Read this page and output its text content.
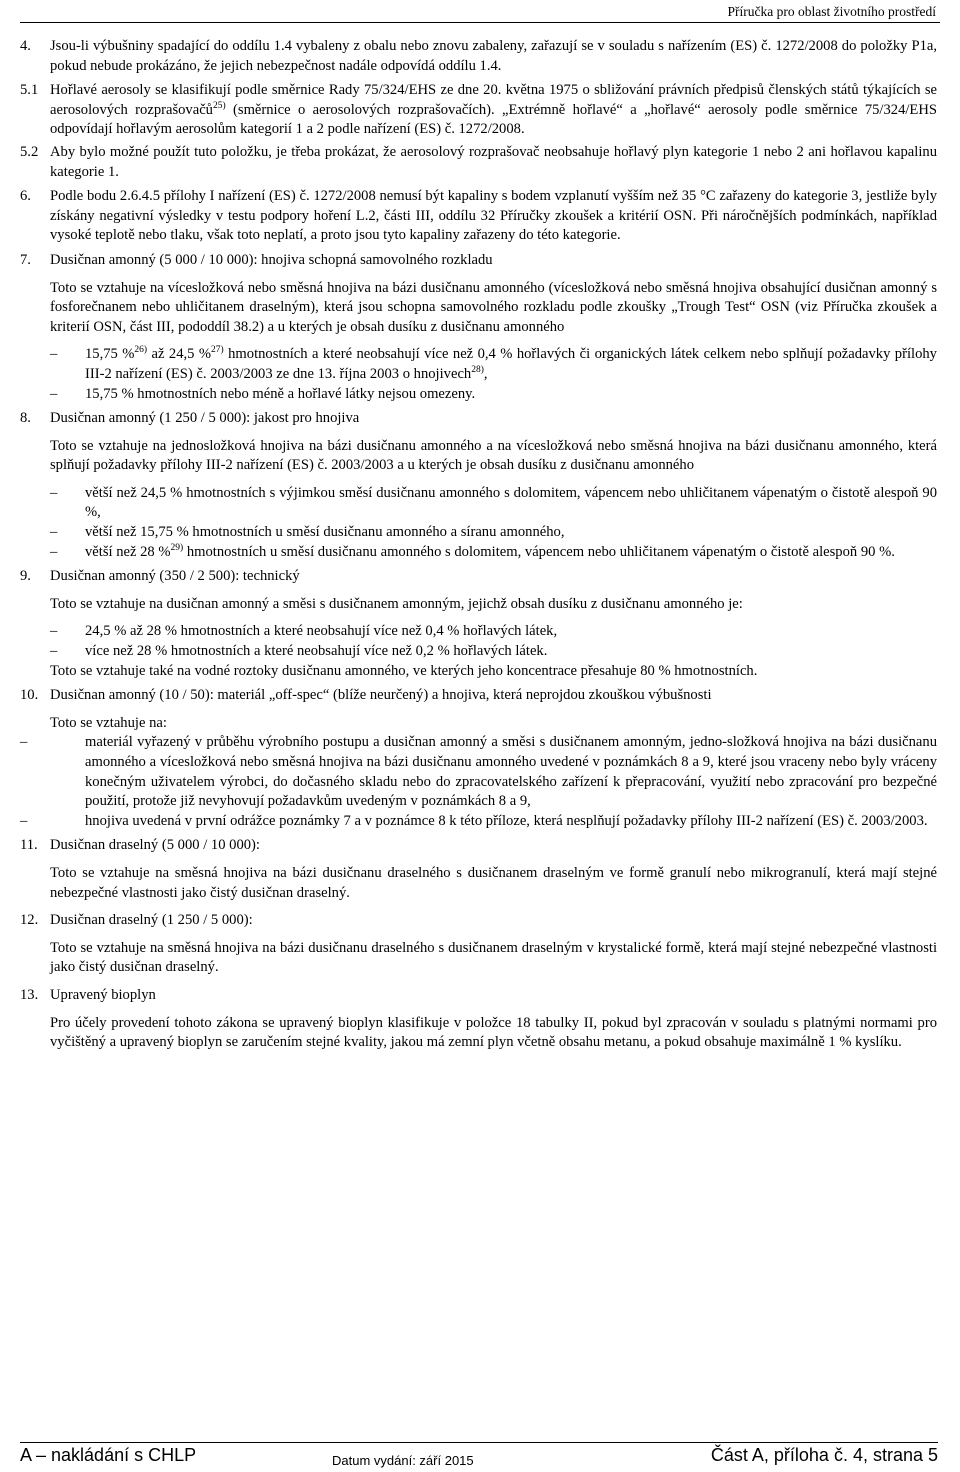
Příručka pro oblast životního prostředí
4.	Jsou-li výbušniny spadající do oddílu 1.4 vybaleny z obalu nebo znovu zabaleny, zařazují se v souladu s nařízením (ES) č. 1272/2008 do položky P1a, pokud nebude prokázáno, že jejich nebezpečnost nadále odpovídá oddílu 1.4.
5.1 Hořlavé aerosoly se klasifikují podle směrnice Rady 75/324/EHS ze dne 20. května 1975 o sbližování právních předpisů členských států týkajících se aerosolových rozprašovačů$^{25)}$ (směrnice o aerosolových rozprašovačích). „Extrémně hořlavé“ a „hořlavé“ aerosoly podle směrnice 75/324/EHS odpovídají hořlavým aerosolům kategorií 1 a 2 podle nařízení (ES) č. 1272/2008.
5.2 Aby bylo možné použít tuto položku, je třeba prokázat, že aerosolový rozprašovač neobsahuje hořlavý plyn kategorie 1 nebo 2 ani hořlavou kapalinu kategorie 1.
6.	Podle bodu 2.6.4.5 přílohy I nařízení (ES) č. 1272/2008 nemusí být kapaliny s bodem vzplanutí vyšším než 35 °C zařazeny do kategorie 3, jestliže byly získány negativní výsledky v testu podpory hoření L.2, části III, oddílu 32 Příručky zkoušek a kritérií OSN. Při náročnějších podmínkách, například vysoké teplotě nebo tlaku, však toto neplatí, a proto jsou tyto kapaliny zařazeny do této kategorie.
7.	Dusičnan amonný (5 000 / 10 000): hnojiva schopná samovolného rozkladu
Toto se vztahuje na vícesložková nebo směsná hnojiva na bázi dusičnanu amonného (vícesložková nebo směsná hnojiva obsahující dusičnan amonný s fosforečnanem nebo uhličitanem draselným), která jsou schopna samovolného rozkladu podle zkoušky „Trough Test“ OSN (viz Příručka zkoušek a kriterií OSN, část III, pododdíl 38.2) a u kterých je obsah dusíku z dusičnanu amonného
–	15,75 %$^{26)}$ až 24,5 %$^{27)}$ hmotnostních a které neobsahují více než 0,4 % hořlavých či organických látek celkem nebo splňují požadavky přílohy III-2 nařízení (ES) č. 2003/2003 ze dne 13. října 2003 o hnojivech$^{28)}$,
–	15,75 % hmotnostních nebo méně a hořlavé látky nejsou omezeny.
8.	Dusičnan amonný (1 250 / 5 000): jakost pro hnojiva
Toto se vztahuje na jednosložková hnojiva na bázi dusičnanu amonného a na vícesložková nebo směsná hnojiva na bázi dusičnanu amonného, která splňují požadavky přílohy III-2 nařízení (ES) č. 2003/2003 a u kterých je obsah dusíku z dusičnanu amonného
–	větší než 24,5 % hmotnostních s výjimkou směsí dusičnanu amonného s dolomitem, vápencem nebo uhličitanem vápenatým o čistotě alespoň 90 %,
–	větší než 15,75 % hmotnostních u směsí dusičnanu amonného a síranu amonného,
–	větší než 28 %$^{29)}$ hmotnostních u směsí dusičnanu amonného s dolomitem, vápencem nebo uhličitanem vápenatým o čistotě alespoň 90 %.
9.	Dusičnan amonný (350 / 2 500): technický
Toto se vztahuje na dusičnan amonný a směsi s dusičnanem amonným, jejichž obsah dusíku z dusičnanu amonného je:
–	24,5 % až 28 % hmotnostních a které neobsahují více než 0,4 % hořlavých látek,
–	více než 28 % hmotnostních a které neobsahují více než 0,2 % hořlavých látek.
Toto se vztahuje také na vodné roztoky dusičnanu amonného, ve kterých jeho koncentrace přesahuje 80 % hmotnostních.
10. Dusičnan amonný (10 / 50): materiál „off-spec“ (blíže neurčený) a hnojiva, která neprojdou zkouškou výbušnosti
Toto se vztahuje na:
–	materiál vyřazený v průběhu výrobního postupu a dusičnan amonný a směsi s dusičnanem amonným, jedno-složková hnojiva na bázi dusičnanu amonného a vícesložková nebo směsná hnojiva na bázi dusičnanu amonného uvedené v poznámkách 8 a 9, které jsou vraceny nebo byly vráceny konečným uživatelem výrobci, do dočasného skladu nebo do zpracovatelského zařízení k přepracování, využití nebo zpracování pro bezpečné použití, protože již nevyhovují požadavkům uvedeným v poznámkách 8 a 9,
–	hnojiva uvedená v první odrážce poznámky 7 a v poznámce 8 k této příloze, která nesplňují požadavky přílohy III-2 nařízení (ES) č. 2003/2003.
11. Dusičnan draselný (5 000 / 10 000):
Toto se vztahuje na směsná hnojiva na bázi dusičnanu draselného s dusičnanem draselným ve formě granulí nebo mikrogranulí, která mají stejné nebezpečné vlastnosti jako čistý dusičnan draselný.
12. Dusičnan draselný (1 250 / 5 000):
Toto se vztahuje na směsná hnojiva na bázi dusičnanu draselného s dusičnanem draselným v krystalické formě, která mají stejné nebezpečné vlastnosti jako čistý dusičnan draselný.
13. Upravený bioplyn
Pro účely provedení tohoto zákona se upravený bioplyn klasifikuje v položce 18 tabulky II, pokud byl zpracován v souladu s platnými normami pro vyčištěný a upravený bioplyn se zaručením stejné kvality, jakou má zemní plyn včetně obsahu metanu, a pokud obsahuje maximálně 1 % kyslíku.
A – nakládání s CHLP	Datum vydání: září 2015	Část A, příloha č. 4, strana 5
